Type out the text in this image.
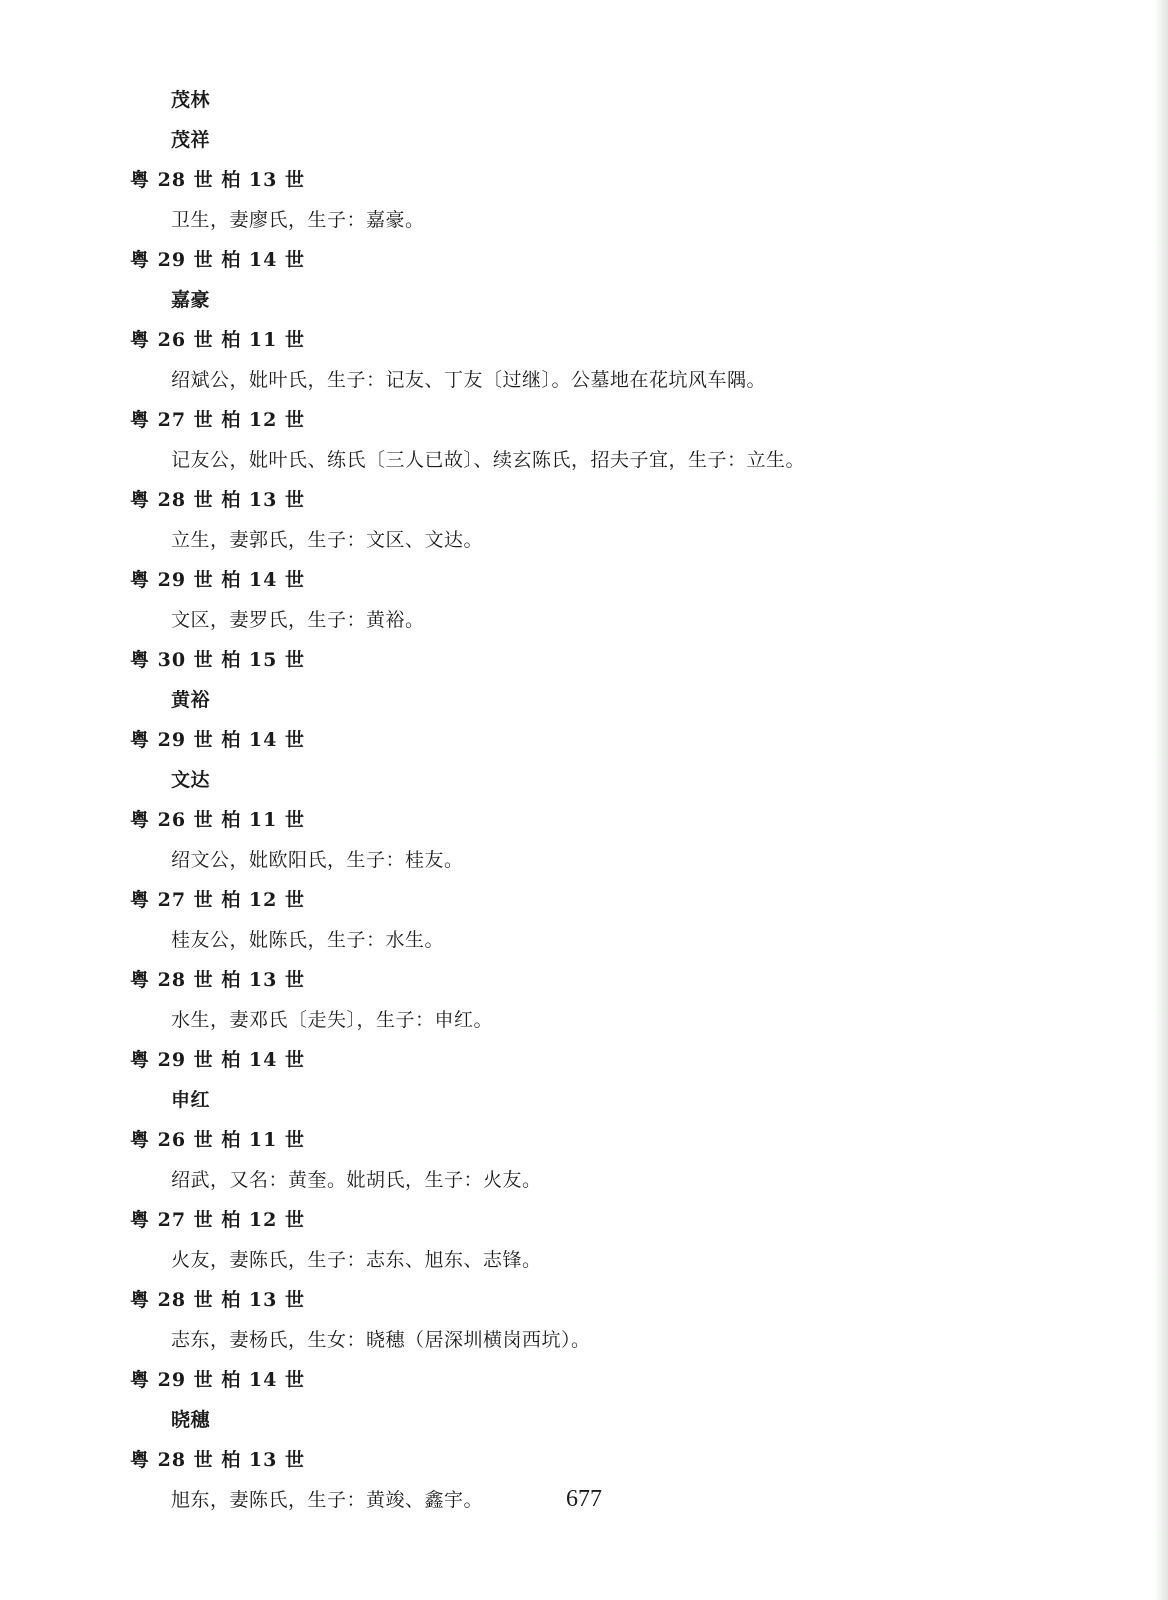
茂林
茂祥
粤 28 世 柏 13 世
卫生，妻廖氏，生子：嘉豪。
粤 29 世 柏 14 世
嘉豪
粤 26 世 柏 11 世
绍斌公，妣叶氏，生子：记友、丁友〔过继〕。公墓地在花坑风车隅。
粤 27 世 柏 12 世
记友公，妣叶氏、练氏〔三人已故〕、续玄陈氏，招夫子宜，生子：立生。
粤 28 世 柏 13 世
立生，妻郭氏，生子：文区、文达。
粤 29 世 柏 14 世
文区，妻罗氏，生子：黄裕。
粤 30 世 柏 15 世
黄裕
粤 29 世 柏 14 世
文达
粤 26 世 柏 11 世
绍文公，妣欧阳氏，生子：桂友。
粤 27 世 柏 12 世
桂友公，妣陈氏，生子：水生。
粤 28 世 柏 13 世
水生，妻邓氏〔走失〕，生子：申红。
粤 29 世 柏 14 世
申红
粤 26 世 柏 11 世
绍武，又名：黄奎。妣胡氏，生子：火友。
粤 27 世 柏 12 世
火友，妻陈氏，生子：志东、旭东、志锋。
粤 28 世 柏 13 世
志东，妻杨氏，生女：晓穗（居深圳横岗西坑）。
粤 29 世 柏 14 世
晓穗
粤 28 世 柏 13 世
旭东，妻陈氏，生子：黄竣、鑫宇。	677
